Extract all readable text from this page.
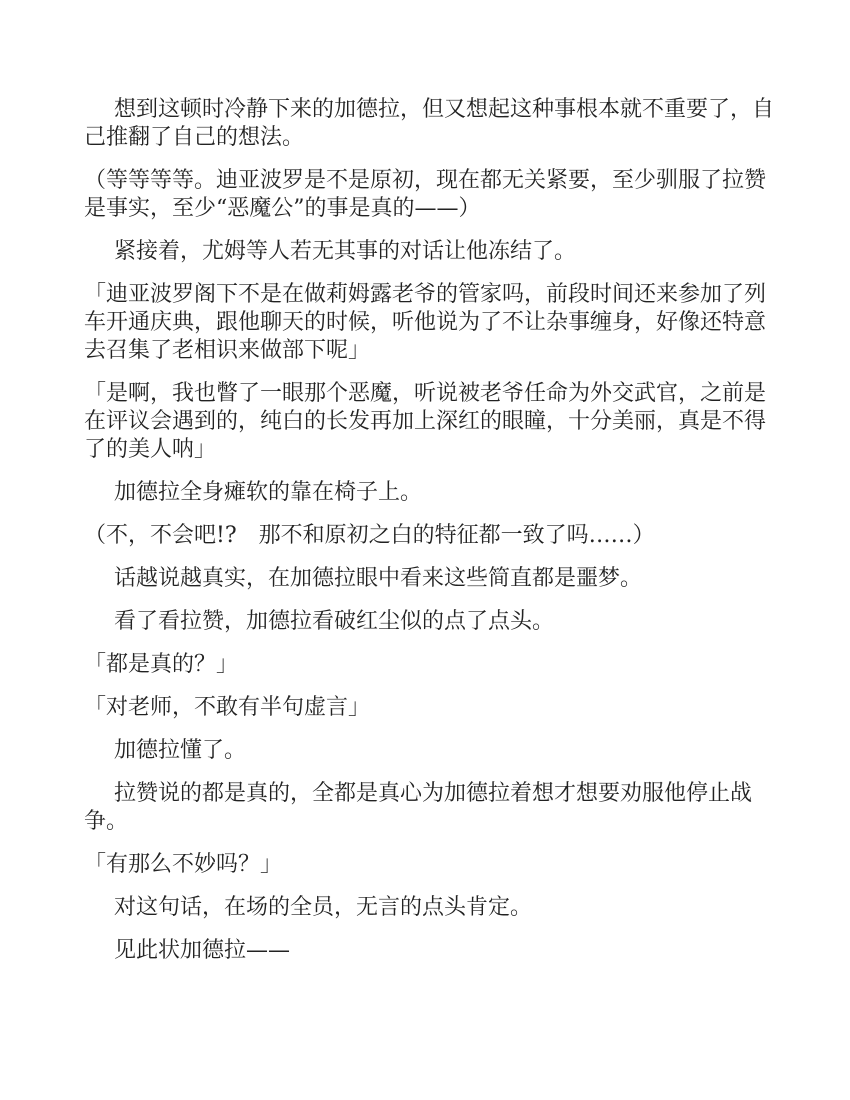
想到这顿时冷静下来的加德拉，但又想起这种事根本就不重要了，自己推翻了自己的想法。

（等等等等。迪亚波罗是不是原初，现在都无关紧要，至少驯服了拉赞是事实，至少“恶魔公”的事是真的——）

紧接着，尤姆等人若无其事的对话让他冻结了。

「迪亚波罗阁下不是在做莉姆露老爷的管家吗，前段时间还来参加了列车开通庆典，跟他聊天的时候，听他说为了不让杂事缠身，好像还特意去召集了老相识来做部下呢」

「是啊，我也瞥了一眼那个恶魔，听说被老爷任命为外交武官，之前是在评议会遇到的，纯白的长发再加上深红的眼瞳，十分美丽，真是不得了的美人呐」

加德拉全身瘫软的靠在椅子上。

（不，不会吧!?　那不和原初之白的特征都一致了吗……）

话越说越真实，在加德拉眼中看来这些简直都是噩梦。

看了看拉赞，加德拉看破红尘似的点了点头。

「都是真的？」

「对老师，不敢有半句虚言」

加德拉懂了。

拉赞说的都是真的，全都是真心为加德拉着想才想要劝服他停止战争。

「有那么不妙吗？」

对这句话，在场的全员，无言的点头肯定。

见此状加德拉——
